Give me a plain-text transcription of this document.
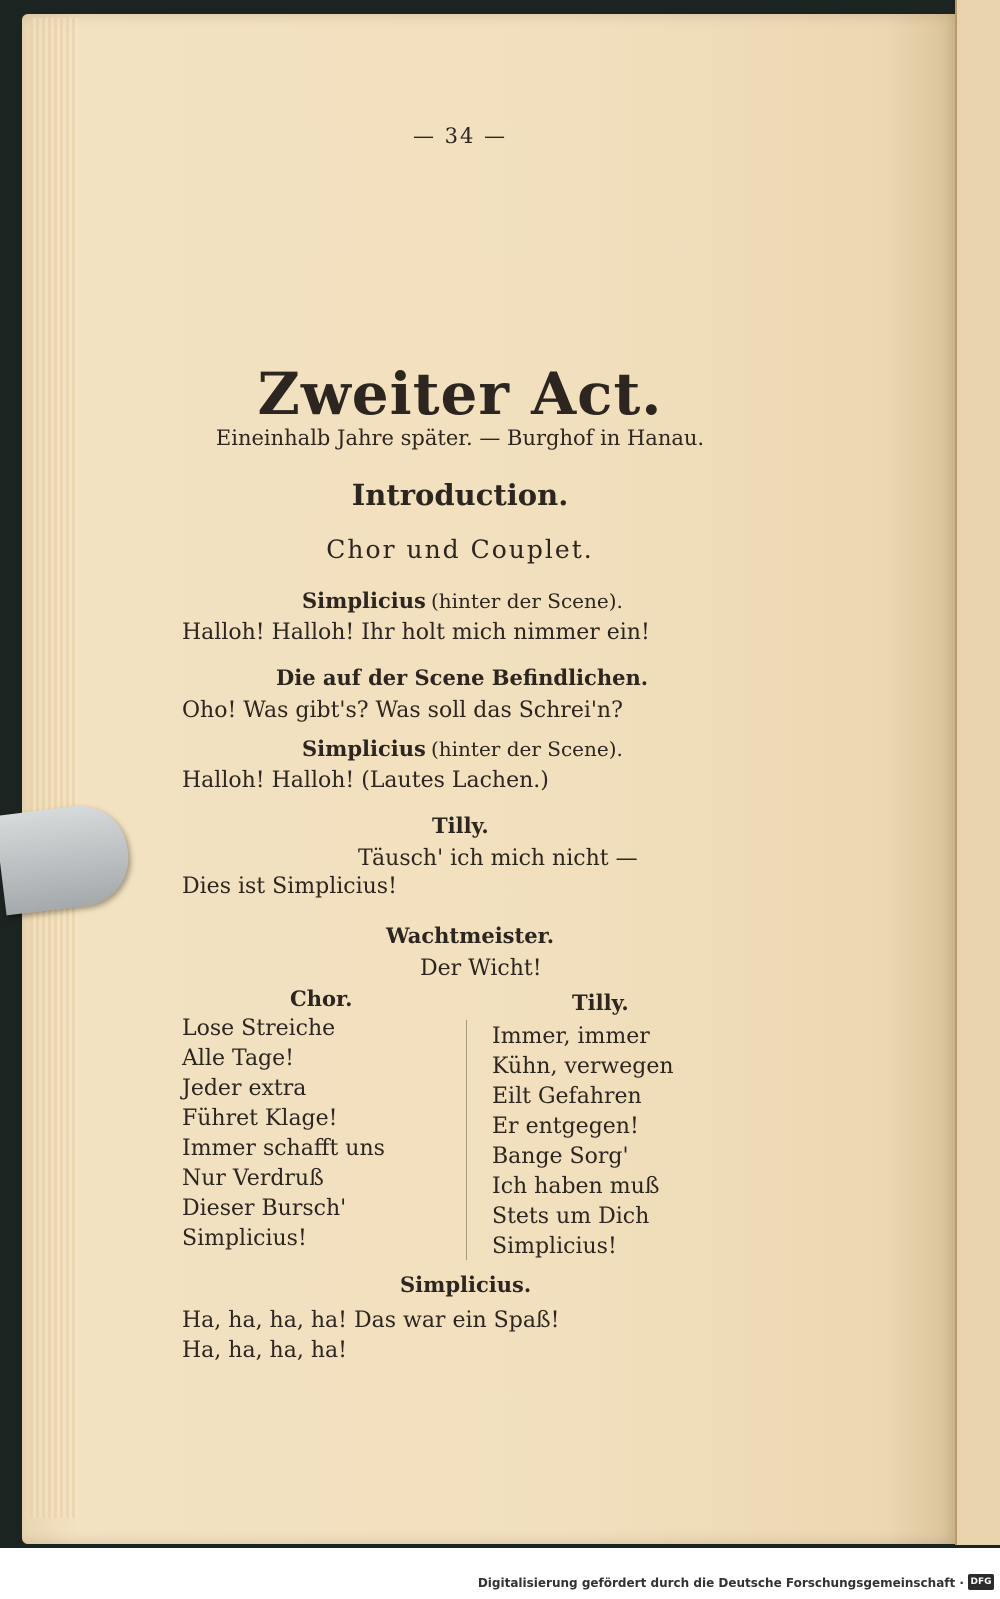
— 34 —
Zweiter Act.
Eineinhalb Jahre später. — Burghof in Hanau.
Introduction.
Chor und Couplet.
Simplicius (hinter der Scene).
Halloh! Halloh! Ihr holt mich nimmer ein!
Die auf der Scene Befindlichen.
Oho! Was gibt's? Was soll das Schrei'n?
Simplicius (hinter der Scene).
Halloh! Halloh! (Lautes Lachen.)
Tilly.
Täusch' ich mich nicht —
Dies ist Simplicius!
Wachtmeister.
Der Wicht!
Chor.	Tilly.
Lose Streiche
Alle Tage!
Jeder extra
Führet Klage!
Immer schafft uns
Nur Verdruß
Dieser Bursch'
Simplicius!
Immer, immer
Kühn, verwegen
Eilt Gefahren
Er entgegen!
Bange Sorg'
Ich haben muß
Stets um Dich
Simplicius!
Simplicius.
Ha, ha, ha, ha! Das war ein Spaß!
Ha, ha, ha, ha!
Digitalisierung gefördert durch die Deutsche Forschungsgemeinschaft · DFG
